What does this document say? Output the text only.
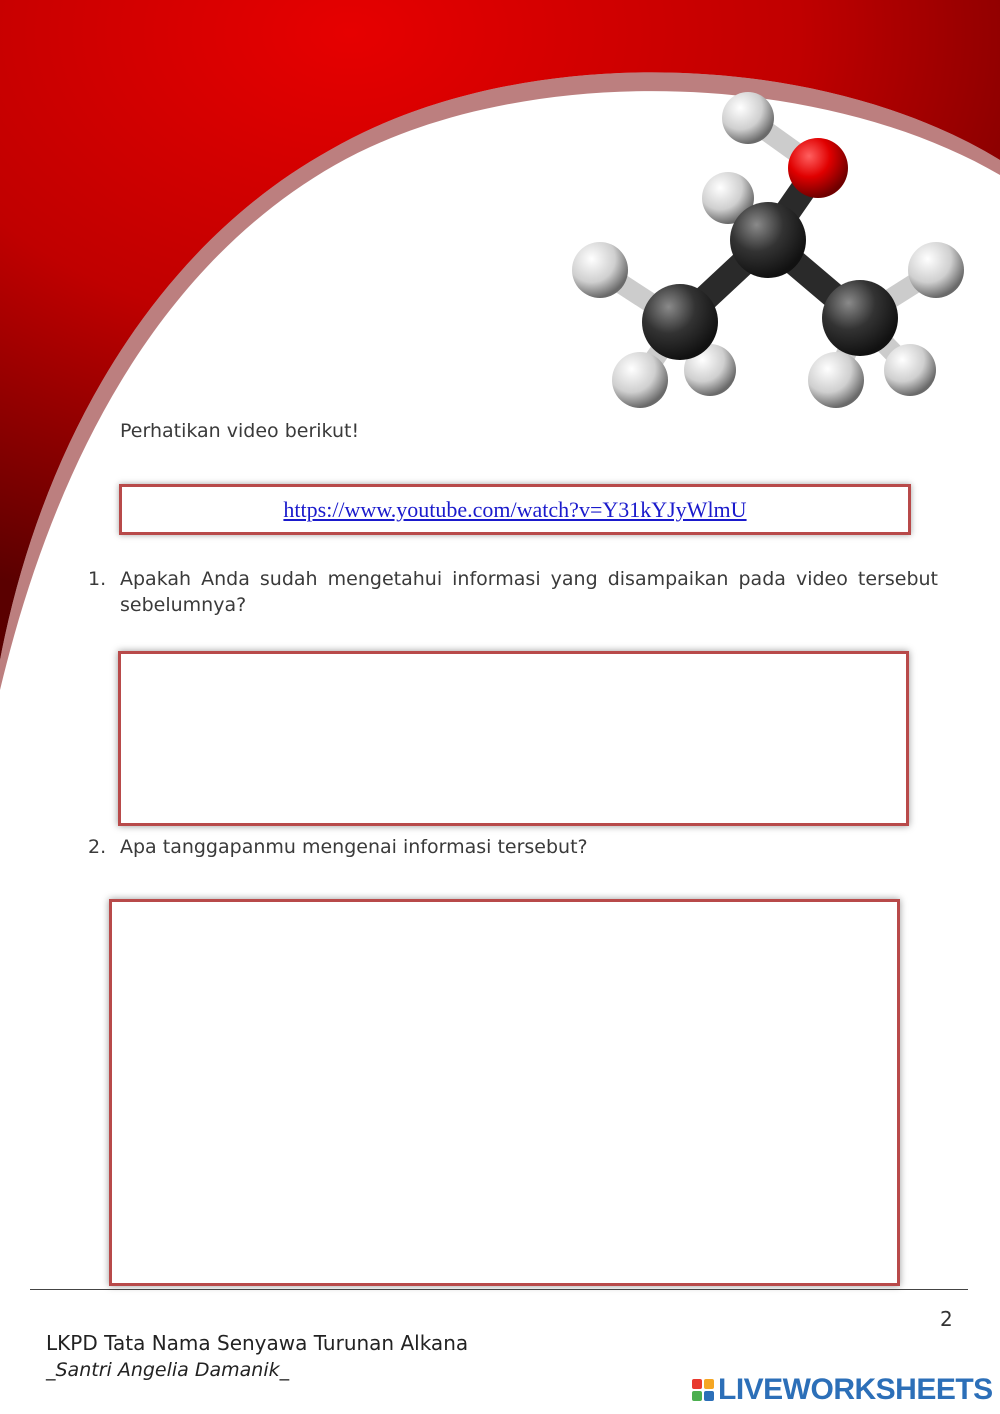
Perhatikan video berikut!

https://www.youtube.com/watch?v=Y31kYJyWlmU
1. Apakah Anda sudah mengetahui informasi yang disampaikan pada video tersebut sebelumnya?
2. Apa tanggapanmu mengenai informasi tersebut?
2
LKPD Tata Nama Senyawa Turunan Alkana
_Santri Angelia Damanik_
LIVEWORKSHEETS
